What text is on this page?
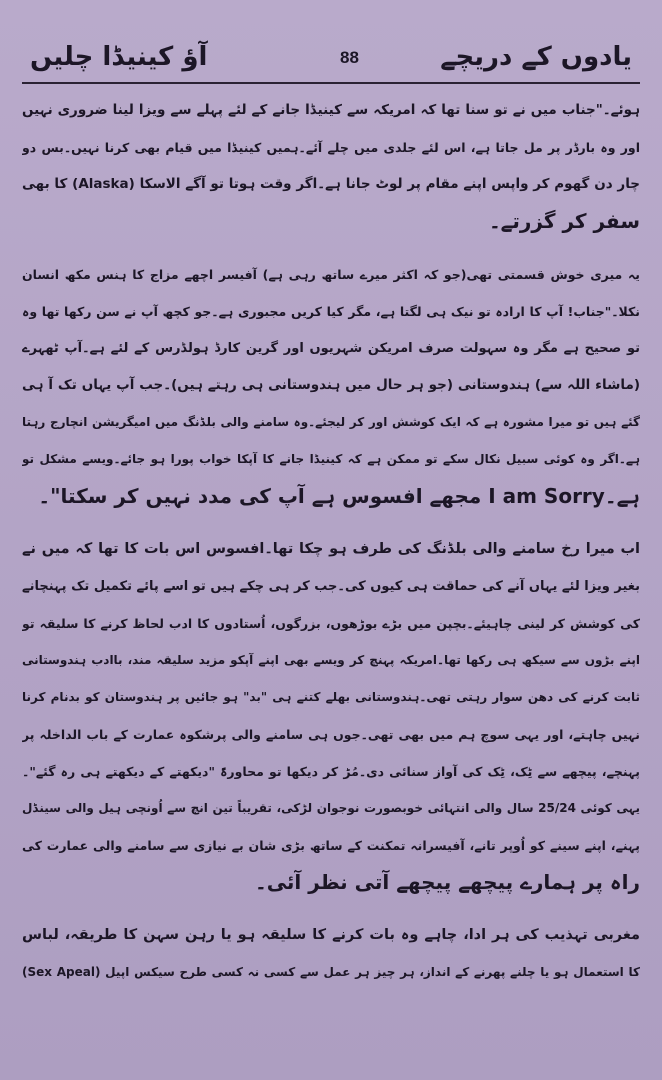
یادوں کے دریچے
88
آؤ کینیڈا چلیں
ہوئے۔"جناب میں نے تو سنا تھا کہ امریکہ سے کینیڈا جانے کے لئے پہلے سے ویزا لینا ضروری نہیں
اور وہ بارڈر پر مل جاتا ہے، اس لئے جلدی میں چلے آئے۔ہمیں کینیڈا میں قیام بھی کرنا نہیں۔بس دو
چار دن گھوم کر واپس اپنے مقام پر لوٹ جانا ہے۔اگر وقت ہوتا تو آگے الاسکا (Alaska) کا بھی
سفر کر گزرتے۔
یہ میری خوش قسمتی تھی(جو کہ اکثر میرے ساتھ رہی ہے) آفیسر اچھے مزاج کا ہنس مکھ انسان
نکلا۔"جناب! آپ کا ارادہ تو نیک ہی لگتا ہے، مگر کیا کریں مجبوری ہے۔جو کچھ آپ نے سن رکھا تھا وہ
تو صحیح ہے مگر وہ سہولت صرف امریکن شہریوں اور گرین کارڈ ہولڈرس کے لئے ہے۔آپ ٹھہرے
(ماشاء اللہ سے) ہندوستانی (جو ہر حال میں ہندوستانی ہی رہتے ہیں)۔جب آپ یہاں تک آ ہی
گئے ہیں تو میرا مشورہ ہے کہ ایک کوشش اور کر لیجئے۔وہ سامنے والی بلڈنگ میں امیگریشن انچارج رہتا
ہے۔اگر وہ کوئی سبیل نکال سکے تو ممکن ہے کہ کینیڈا جانے کا آپکا خواب پورا ہو جائے۔ویسے مشکل تو
ہے۔I am Sorry مجھے افسوس ہے آپ کی مدد نہیں کر سکتا"۔
اب میرا رخ سامنے والی بلڈنگ کی طرف ہو چکا تھا۔افسوس اس بات کا تھا کہ میں نے
بغیر ویزا لئے یہاں آنے کی حماقت ہی کیوں کی۔جب کر ہی چکے ہیں تو اسے پائے تکمیل تک پہنچانے
کی کوشش کر لینی چاہیئے۔بچپن میں بڑے بوڑھوں، بزرگوں، اُستادوں کا ادب لحاظ کرنے کا سلیقہ تو
اپنے بڑوں سے سیکھ ہی رکھا تھا۔امریکہ پہنچ کر ویسے بھی اپنے آپکو مزید سلیقہ مند، باادب ہندوستانی
ثابت کرنے کی دھن سوار رہتی تھی۔ہندوستانی بھلے کتنے ہی "بد" ہو جائیں پر ہندوستان کو بدنام کرنا
نہیں چاہتے، اور یہی سوچ ہم میں بھی تھی۔جوں ہی سامنے والی پرشکوہ عمارت کے باب الداخلہ پر
پہنچے، پیچھے سے ٹِک، ٹِک کی آواز سنائی دی۔مُڑ کر دیکھا تو محاورۃً "دیکھتے کے دیکھتے ہی رہ گئے"۔
یہی کوئی 25/24 سال والی انتہائی خوبصورت نوجوان لڑکی، تقریباً تین انچ سے اُونچی ہیل والی سینڈل
پہنے، اپنے سینے کو اُوپر تانے، آفیسرانہ تمکنت کے ساتھ بڑی شان بے نیازی سے سامنے والی عمارت کی
راہ پر ہمارے پیچھے پیچھے آتی نظر آئی۔
مغربی تہذیب کی ہر ادا، چاہے وہ بات کرنے کا سلیقہ ہو یا رہن سہن کا طریقہ، لباس
کا استعمال ہو یا چلنے پھرنے کے انداز، ہر چیز ہر عمل سے کسی نہ کسی طرح سیکس اپیل (Sex Apeal)
